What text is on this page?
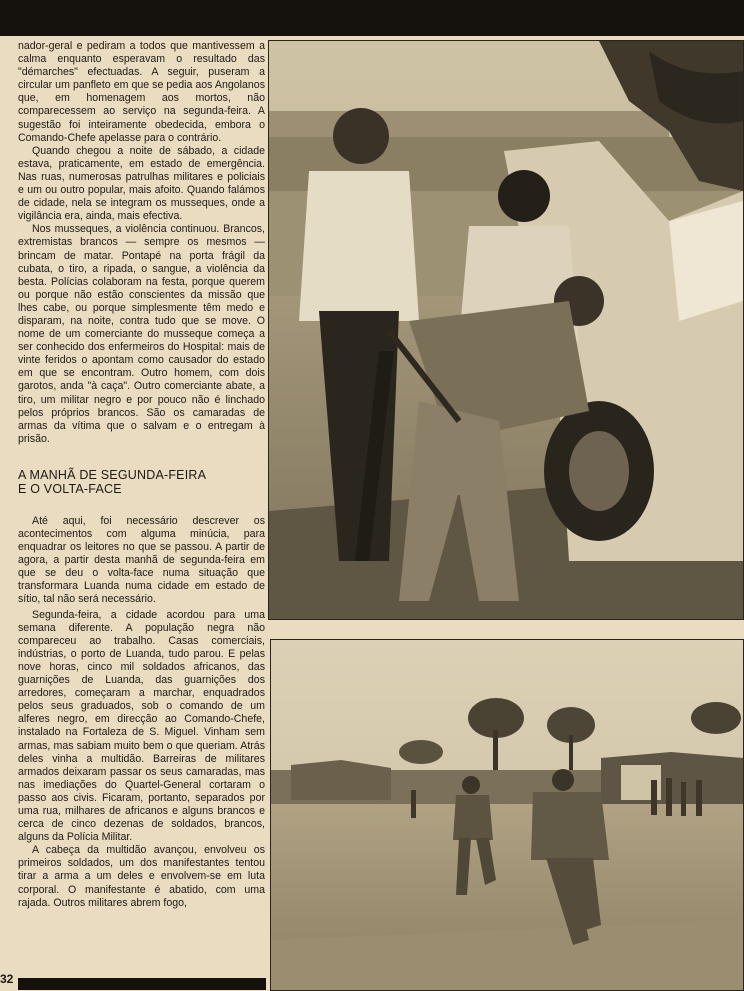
nador-geral e pediram a todos que mantivessem a calma enquanto esperavam o resultado das "démarches" efectuadas. A seguir, puseram a circular um panfleto em que se pedia aos Angolanos que, em homenagem aos mortos, não comparecessem ao serviço na segunda-feira. A sugestão foi inteiramente obedecida, embora o Comando-Chefe apelasse para o contrário.

Quando chegou a noite de sábado, a cidade estava, praticamente, em estado de emergência. Nas ruas, numerosas patrulhas militares e policiais e um ou outro popular, mais afoito. Quando falámos de cidade, nela se integram os musseques, onde a vigilância era, ainda, mais efectiva.

Nos musseques, a violência continuou. Brancos, extremistas brancos — sempre os mesmos — brincam de matar. Pontapé na porta frágil da cubata, o tiro, a ripada, o sangue, a violência da besta. Polícias colaboram na festa, porque querem ou porque não estão conscientes da missão que lhes cabe, ou porque simplesmente têm medo e disparam, na noite, contra tudo que se move. O nome de um comerciante do musseque começa a ser conhecido dos enfermeiros do Hospital: mais de vinte feridos o apontam como causador do estado em que se encontram. Outro homem, com dois garotos, anda "à caça". Outro comerciante abate, a tiro, um militar negro e por pouco não é linchado pelos próprios brancos. São os camaradas de armas da vítima que o salvam e o entregam à prisão.

A MANHÃ DE SEGUNDA-FEIRA
E O VOLTA-FACE

Até aqui, foi necessário descrever os acontecimentos com alguma minúcia, para enquadrar os leitores no que se passou. A partir de agora, a partir desta manhã de segunda-feira em que se deu o volta-face numa situação que transformara Luanda numa cidade em estado de sítio, tal não será necessário.

Segunda-feira, a cidade acordou para uma semana diferente. A população negra não compareceu ao trabalho. Casas comerciais, indústrias, o porto de Luanda, tudo parou. E pelas nove horas, cinco mil soldados africanos, das guarnições de Luanda, das guarnições dos arredores, começaram a marchar, enquadrados pelos seus graduados, sob o comando de um alferes negro, em direcção ao Comando-Chefe, instalado na Fortaleza de S. Miguel. Vinham sem armas, mas sabiam muito bem o que queriam. Atrás deles vinha a multidão. Barreiras de militares armados deixaram passar os seus camaradas, mas nas imediações do Quartel-General cortaram o passo aos civis. Ficaram, portanto, separados por uma rua, milhares de africanos e alguns brancos e cerca de cinco dezenas de soldados, brancos, alguns da Polícia Militar.

A cabeça da multidão avançou, envolveu os primeiros soldados, um dos manifestantes tentou tirar a arma a um deles e envolvem-se em luta corporal. O manifestante é abatido, com uma rajada. Outros militares abrem fogo,

32
